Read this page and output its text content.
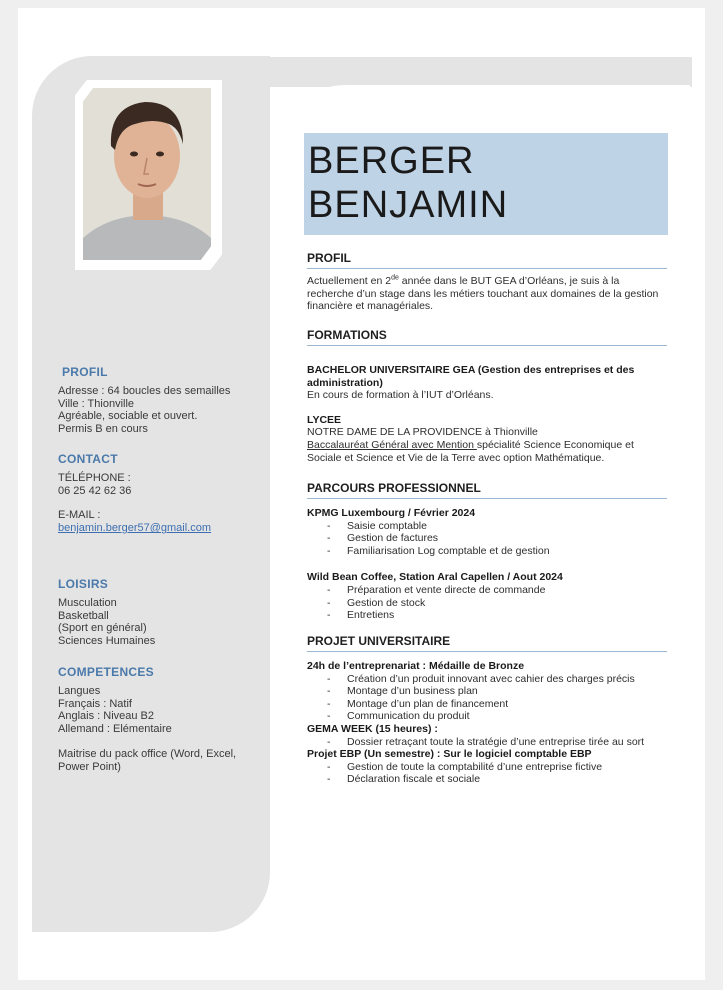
PROFIL
Adresse : 64 boucles des semailles
Ville : Thionville
Agréable, sociable et ouvert.
Permis B en cours
CONTACT
TÉLÉPHONE :
06 25 42 62 36
E-MAIL :
benjamin.berger57@gmail.com
LOISIRS
Musculation
Basketball
(Sport en général)
Sciences Humaines
COMPETENCES
Langues
Français : Natif
Anglais : Niveau B2
Allemand : Elémentaire
Maitrise du pack office (Word, Excel, Power Point)
BERGER
BENJAMIN
PROFIL
Actuellement en 2de année dans le BUT GEA d’Orléans, je suis à la recherche d’un stage dans les métiers touchant aux domaines de la gestion financière et managériales.
FORMATIONS
BACHELOR UNIVERSITAIRE GEA (Gestion des entreprises et des administration)
En cours de formation à l’IUT d’Orléans.
LYCEE
NOTRE DAME DE LA PROVIDENCE à Thionville
Baccalauréat Général avec Mention spécialité Science Economique et Sociale et Science et Vie de la Terre avec option Mathématique.
PARCOURS PROFESSIONNEL
KPMG Luxembourg / Février 2024
- Saisie comptable
- Gestion de factures
- Familiarisation Log comptable et de gestion
Wild Bean Coffee, Station Aral Capellen / Aout 2024
- Préparation et vente directe de commande
- Gestion de stock
- Entretiens
PROJET UNIVERSITAIRE
24h de l’entreprenariat : Médaille de Bronze
- Création d’un produit innovant avec cahier des charges précis
- Montage d’un business plan
- Montage d’un plan de financement
- Communication du produit
GEMA WEEK (15 heures) :
- Dossier retraçant toute la stratégie d’une entreprise tirée au sort
Projet EBP (Un semestre) : Sur le logiciel comptable EBP
- Gestion de toute la comptabilité d’une entreprise fictive
- Déclaration fiscale et sociale
